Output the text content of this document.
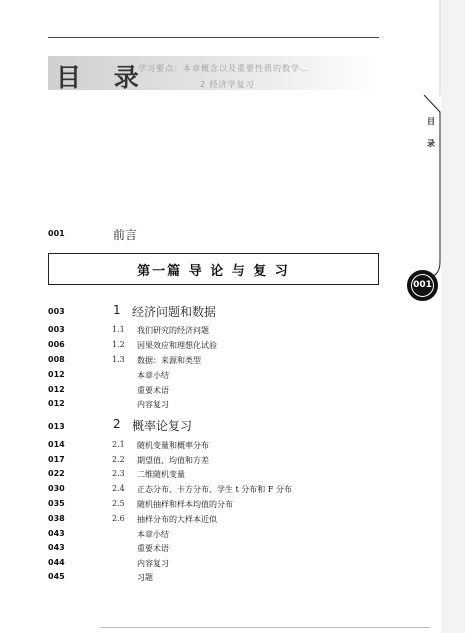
学习要点：本章概念以及重要性质的数学…
2 经济学复习
目 录
目
录
001
001	前言
第一篇 导 论 与 复 习
003	1 经济问题和数据
003	1.1 我们研究的经济问题
006	1.2 因果效应和理想化试验
008	1.3 数据：来源和类型
012	本章小结
012	重要术语
012	内容复习
013	2 概率论复习
014	2.1 随机变量和概率分布
017	2.2 期望值、均值和方差
022	2.3 二维随机变量
030	2.4 正态分布、卡方分布、学生 t 分布和 F 分布
035	2.5 随机抽样和样本均值的分布
038	2.6 抽样分布的大样本近似
043	本章小结
043	重要术语
044	内容复习
045	习题
